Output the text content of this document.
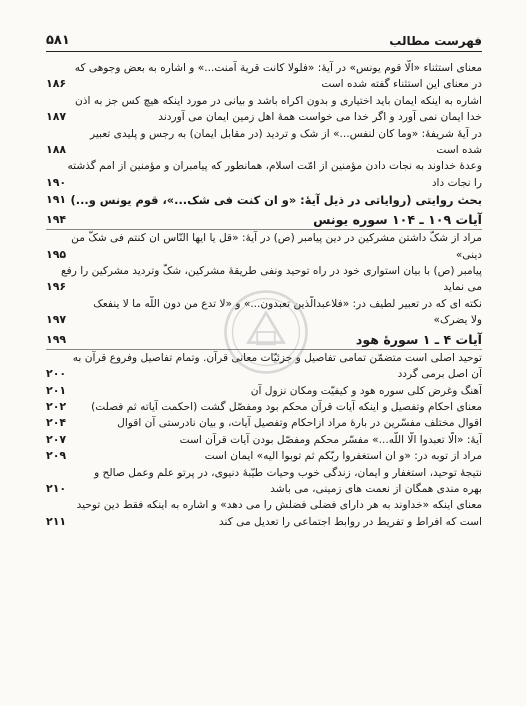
فهرست مطالب
۵۸۱
معنای استثناء «الّا قوم یونس» در آیۀ: «فلولا کانت قریة آمنت...» و اشاره به بعض وجوهی که
در معنای این استثناء گفته شده است
۱۸۶
اشاره به اینکه ایمان باید اختیاری و بدون اکراه باشد و بیانی در مورد اینکه هیچ کس جز به اذن
خدا ایمان نمی آورد و اگر خدا می خواست همۀ اهل زمین ایمان می آوردند
۱۸۷
در آیۀ شریفۀ: «وما کان لنفس...» از شک و تردید (در مقابل ایمان) به رجس و پلیدی تعبیر
شده است
۱۸۸
وعدۀ خداوند به نجات دادن مؤمنین از امّت اسلام، همانطور که پیامبران و مؤمنین از امم گذشته
را نجات داد
۱۹۰
بحث روایتی (روایاتی در ذیل آیۀ: «و ان کنت فی شک...»، قوم یونس و...)
۱۹۱
آیات ۱۰۹ ـ ۱۰۴ سوره یونس
۱۹۴
مراد از شکّ داشتن مشرکین در دین پیامبر (ص) در آیۀ: «قل یا ایها النّاس ان کنتم فی شکّ من
دینی»
۱۹۵
پیامبر (ص) با بیان استواری خود در راه توحید ونفی طریقۀ مشرکین، شکّ وتردید مشرکین را رفع
می نماید
۱۹۶
نکته ای که در تعبیر لطیف در: «فلاعبدالّذین تعبدون...» و «لا تدع من دون اللّه ما لا ینفعک
ولا یضرک»
۱۹۷
آیات ۴ ـ ۱ سورۀ هود
۱۹۹
توحید اصلی است متضمّن تمامی تفاصیل و جزئیّات معانی قرآن. وتمام تفاصیل وفروع قرآن به
آن اصل برمی گردد
۲۰۰
آهنگ وغرض کلی سوره هود و کیفیّت ومکان نزول آن
۲۰۱
معنای احکام وتفصیل و اینکه آیات قرآن محکم بود ومفصّل گشت (احکمت آیاته ثم فصلت)
۲۰۲
اقوال مختلف مفسّرین در بارۀ مراد ازاحکام وتفصیل آیات، و بیان نادرستی آن اقوال
۲۰۴
آیۀ: «الّا تعبدوا الّا اللّه...» مفسّر محکم ومفصّل بودن آیات قرآن است
۲۰۷
مراد از توبه در: «و ان استغفروا ربّکم ثم توبوا الیه» ایمان است
۲۰۹
نتیجۀ توحید، استغفار و ایمان، زندگی خوب وحیات طیّبۀ دنیوی، در پرتو علم وعمل صالح و
بهره مندی همگان از نعمت های زمینی، می باشد
۲۱۰
معنای اینکه «خداوند به هر دارای فضلی فضلش را می دهد» و اشاره به اینکه فقط دین توحید
است که افراط و تفریط در روابط اجتماعی را تعدیل می کند
۲۱۱
